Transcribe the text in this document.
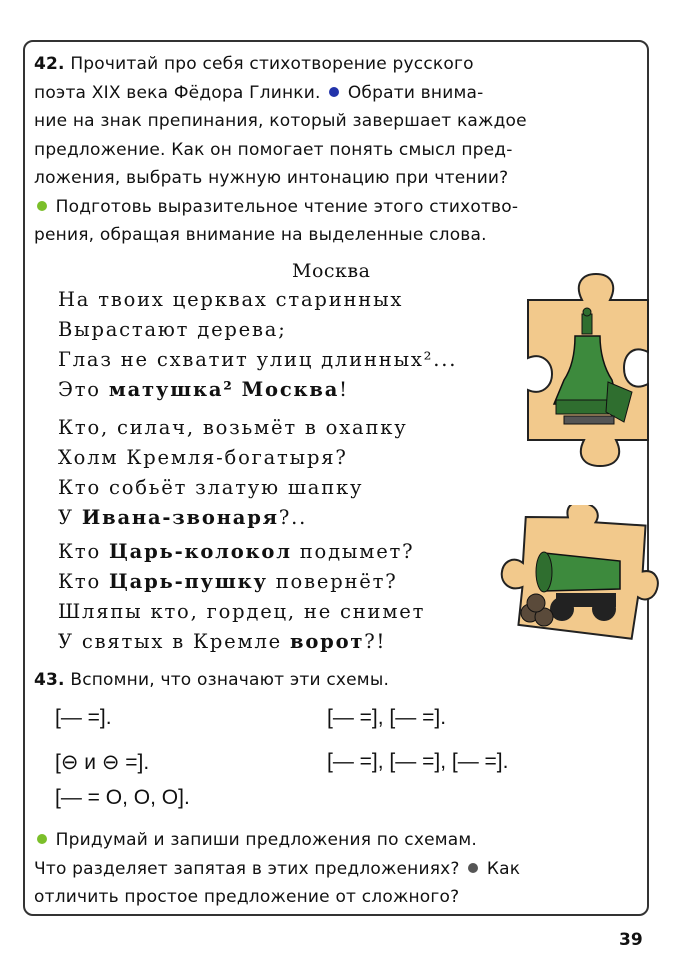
42. Прочитай про себя стихотворение русского
поэта XIX века Фёдора Глинки. Обрати внима-
ние на знак препинания, который завершает каждое
предложение. Как он помогает понять смысл пред-
ложения, выбрать нужную интонацию при чтении?
Подготовь выразительное чтение этого стихотво-
рения, обращая внимание на выделенные слова.
Москва
На твоих церквах старинных
Вырастают дерева;
Глаз не схватит улиц длинных²...
Это матушка² Москва!
Кто, силач, возьмёт в охапку
Холм Кремля-богатыря?
Кто собьёт златую шапку
У Ивана-звонаря?..
Кто Царь-колокол подымет?
Кто Царь-пушку повернёт?
Шляпы кто, гордец, не снимет
У святых в Кремле ворот?!
43. Вспомни, что означают эти схемы.
[— =].	[— =], [— =].
[⊖ и ⊖ =].	[— =], [— =], [— =].
[— = O, O, O].
Придумай и запиши предложения по схемам.
Что разделяет запятая в этих предложениях? Как
отличить простое предложение от сложного?
39
